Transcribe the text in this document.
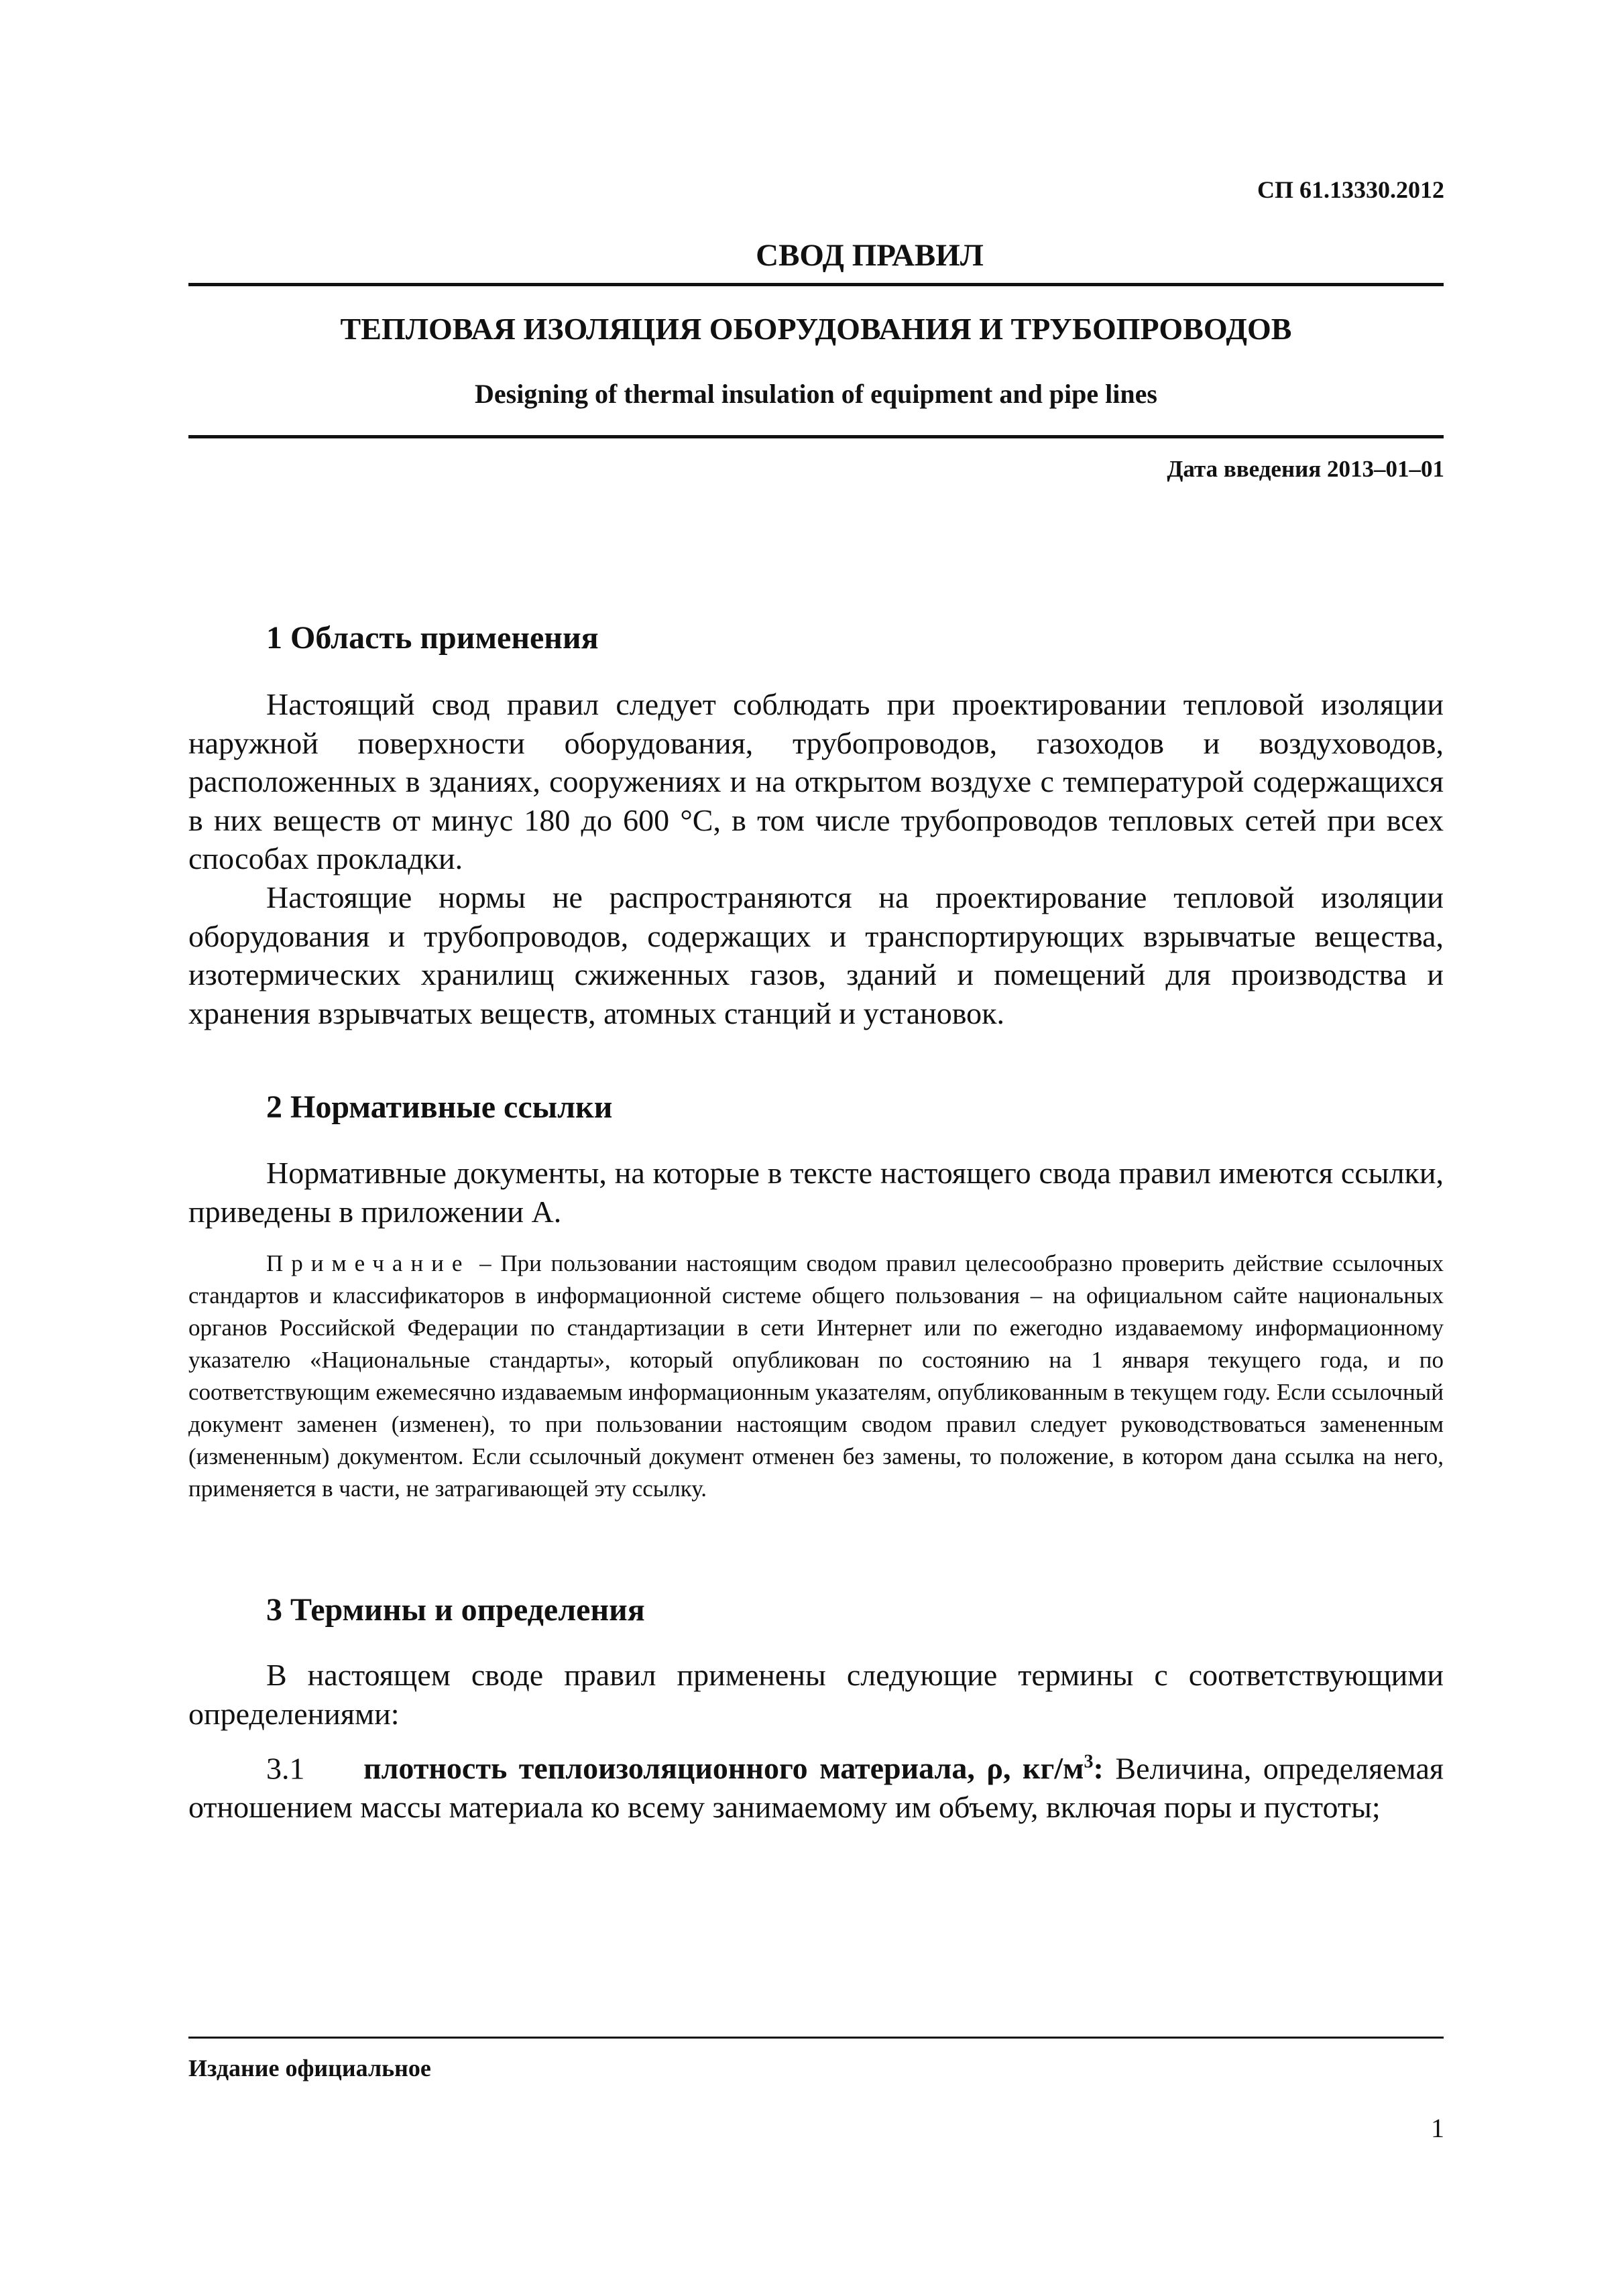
СП 61.13330.2012
СВОД ПРАВИЛ
ТЕПЛОВАЯ ИЗОЛЯЦИЯ ОБОРУДОВАНИЯ И ТРУБОПРОВОДОВ
Designing of thermal insulation of equipment and pipe lines
Дата введения 2013–01–01
1 Область применения

Настоящий свод правил следует соблюдать при проектировании тепловой изоляции наружной поверхности оборудования, трубопроводов, газоходов и воздуховодов, расположенных в зданиях, сооружениях и на открытом воздухе с температурой содержащихся в них веществ от минус 180 до 600 °С, в том числе трубопроводов тепловых сетей при всех способах прокладки.

Настоящие нормы не распространяются на проектирование тепловой изоляции оборудования и трубопроводов, содержащих и транспортирующих взрывчатые вещества, изотермических хранилищ сжиженных газов, зданий и помещений для производства и хранения взрывчатых веществ, атомных станций и установок.

2 Нормативные ссылки

Нормативные документы, на которые в тексте настоящего свода правил имеются ссылки, приведены в приложении А.

Примечание – При пользовании настоящим сводом правил целесообразно проверить действие ссылочных стандартов и классификаторов в информационной системе общего пользования – на официальном сайте национальных органов Российской Федерации по стандартизации в сети Интернет или по ежегодно издаваемому информационному указателю «Национальные стандарты», который опубликован по состоянию на 1 января текущего года, и по соответствующим ежемесячно издаваемым информационным указателям, опубликованным в текущем году. Если ссылочный документ заменен (изменен), то при пользовании настоящим сводом правил следует руководствоваться замененным (измененным) документом. Если ссылочный документ отменен без замены, то положение, в котором дана ссылка на него, применяется в части, не затрагивающей эту ссылку.

3 Термины и определения

В настоящем своде правил применены следующие термины с соответствующими определениями:

3.1 плотность теплоизоляционного материала, ρ, $кг/м^3$: Величина, определяемая отношением массы материала ко всему занимаемому им объему, включая поры и пустоты;

Издание официальное
1
